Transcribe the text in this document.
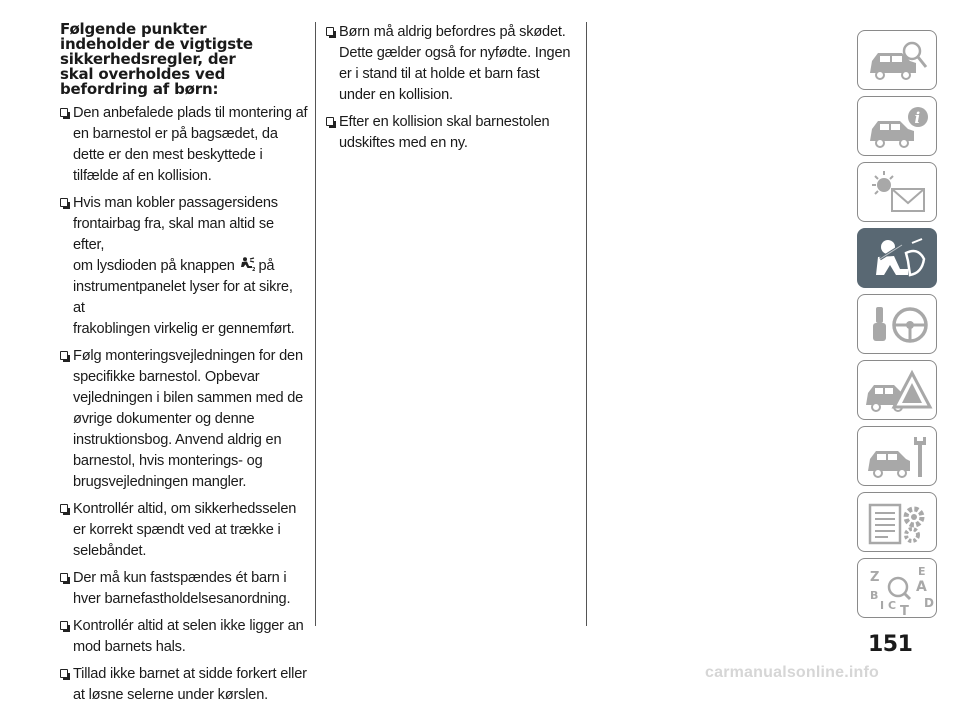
Følgende punkter
indeholder de vigtigste
sikkerhedsregler, der
skal overholdes ved
befordring af børn:
Den anbefalede plads til montering af
en barnestol er på bagsædet, da
dette er den mest beskyttede i
tilfælde af en kollision.
Hvis man kobler passagersidens
frontairbag fra, skal man altid se efter,
om lysdioden på knappen	2 på
instrumentpanelet lyser for at sikre, at
frakoblingen virkelig er gennemført.
Følg monteringsvejledningen for den
specifikke barnestol. Opbevar
vejledningen i bilen sammen med de
øvrige dokumenter og denne
instruktionsbog. Anvend aldrig en
barnestol, hvis monterings- og
brugsvejledningen mangler.
Kontrollér altid, om sikkerhedsselen
er korrekt spændt ved at trække i
selebåndet.
Der må kun fastspændes ét barn i
hver barnefastholdelsesanordning.
Kontrollér altid at selen ikke ligger an
mod barnets hals.
Tillad ikke barnet at sidde forkert eller
at løsne selerne under kørslen.
Børn må aldrig befordres på skødet.
Dette gælder også for nyfødte. Ingen
er i stand til at holde et barn fast
under en kollision.
Efter en kollision skal barnestolen
udskiftes med en ny.
i
Z	E
A
B
C T
D
I
151
carmanualsonline.info
